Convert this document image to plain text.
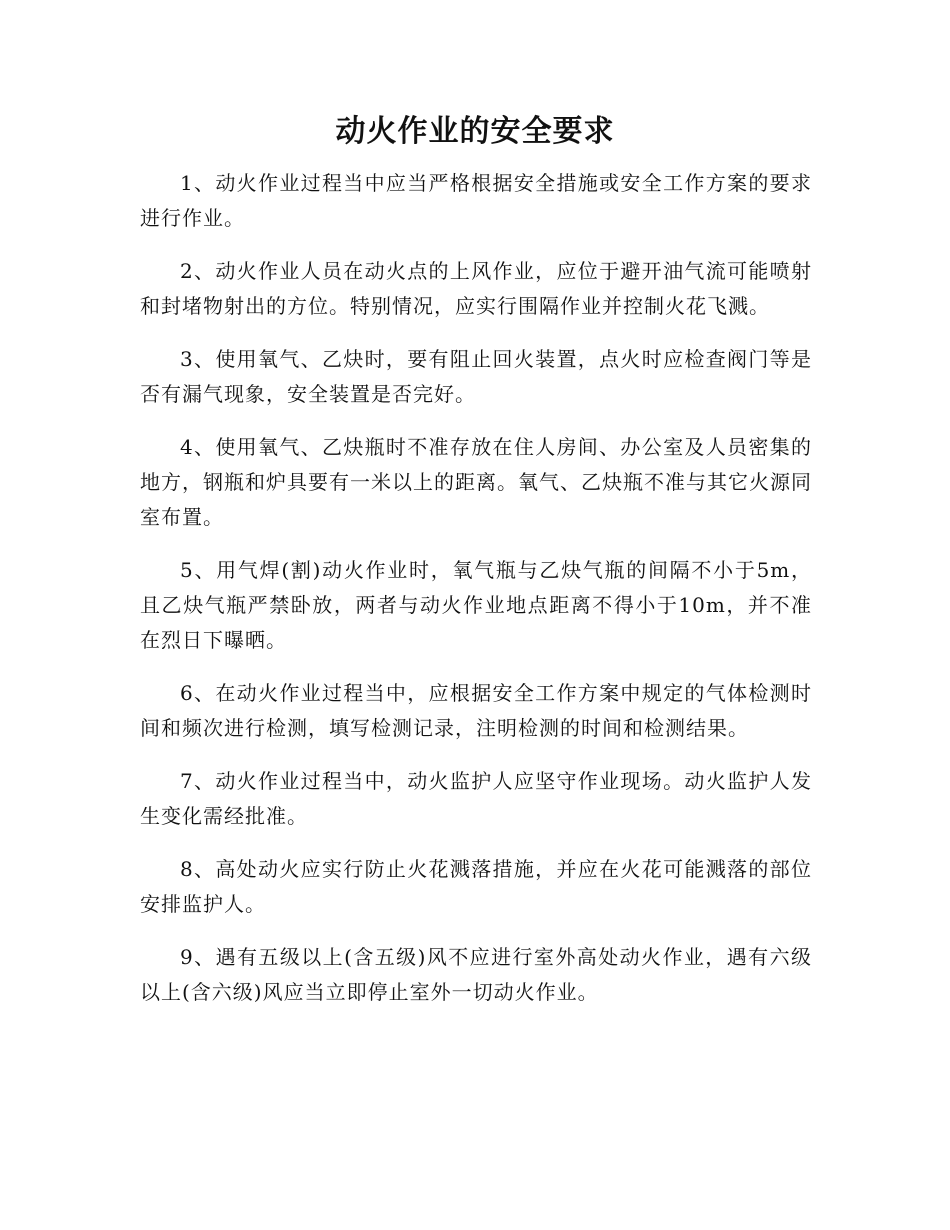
动火作业的安全要求

1、动火作业过程当中应当严格根据安全措施或安全工作方案的要求进行作业。

2、动火作业人员在动火点的上风作业，应位于避开油气流可能喷射和封堵物射出的方位。特别情况，应实行围隔作业并控制火花飞溅。

3、使用氧气、乙炔时，要有阻止回火装置，点火时应检查阀门等是否有漏气现象，安全装置是否完好。

4、使用氧气、乙炔瓶时不准存放在住人房间、办公室及人员密集的地方，钢瓶和炉具要有一米以上的距离。氧气、乙炔瓶不准与其它火源同室布置。

5、用气焊(割)动火作业时，氧气瓶与乙炔气瓶的间隔不小于5m，且乙炔气瓶严禁卧放，两者与动火作业地点距离不得小于10m，并不准在烈日下曝晒。

6、在动火作业过程当中，应根据安全工作方案中规定的气体检测时间和频次进行检测，填写检测记录，注明检测的时间和检测结果。

7、动火作业过程当中，动火监护人应坚守作业现场。动火监护人发生变化需经批准。

8、高处动火应实行防止火花溅落措施，并应在火花可能溅落的部位安排监护人。

9、遇有五级以上(含五级)风不应进行室外高处动火作业，遇有六级以上(含六级)风应当立即停止室外一切动火作业。
